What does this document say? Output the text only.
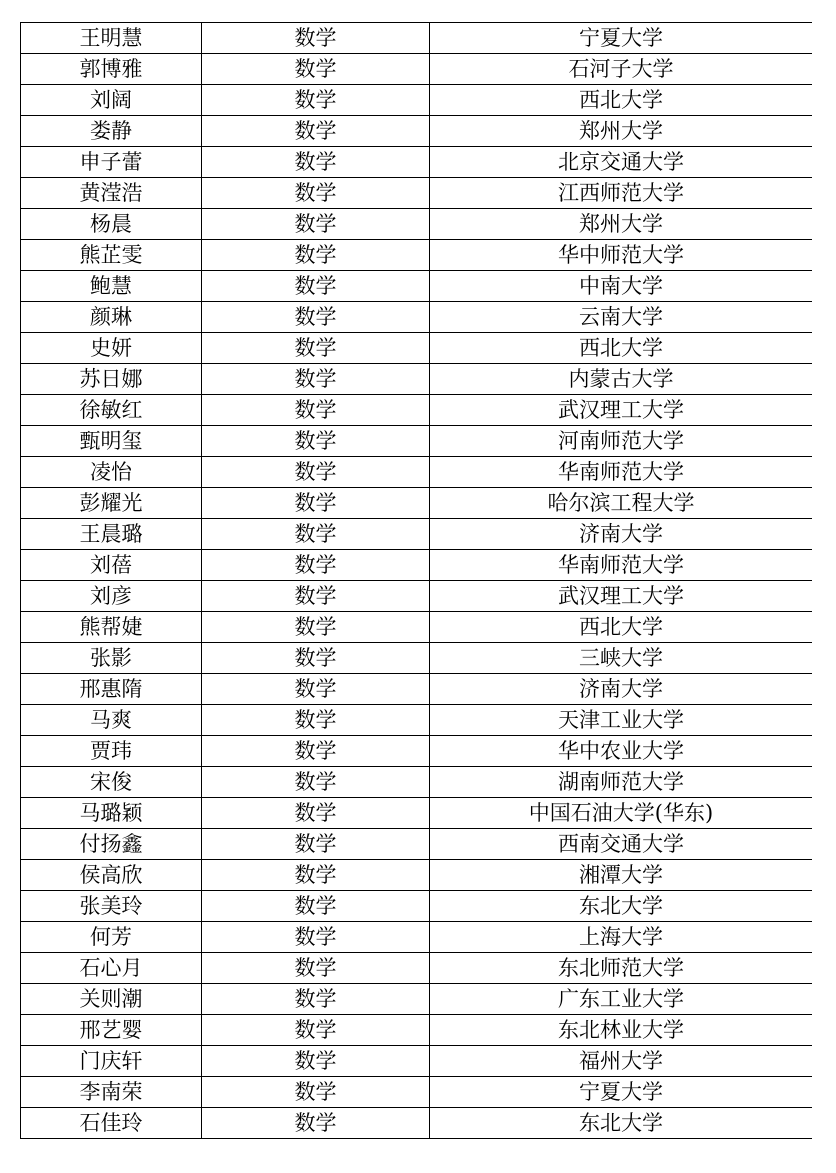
王明慧	数学	宁夏大学
郭博雅	数学	石河子大学
刘阔	数学	西北大学
娄静	数学	郑州大学
申子蕾	数学	北京交通大学
黄滢浩	数学	江西师范大学
杨晨	数学	郑州大学
熊芷雯	数学	华中师范大学
鲍慧	数学	中南大学
颜琳	数学	云南大学
史妍	数学	西北大学
苏日娜	数学	内蒙古大学
徐敏红	数学	武汉理工大学
甄明玺	数学	河南师范大学
凌怡	数学	华南师范大学
彭耀光	数学	哈尔滨工程大学
王晨璐	数学	济南大学
刘蓓	数学	华南师范大学
刘彦	数学	武汉理工大学
熊帮婕	数学	西北大学
张影	数学	三峡大学
邢惠隋	数学	济南大学
马爽	数学	天津工业大学
贾玮	数学	华中农业大学
宋俊	数学	湖南师范大学
马璐颖	数学	中国石油大学(华东)
付扬鑫	数学	西南交通大学
侯高欣	数学	湘潭大学
张美玲	数学	东北大学
何芳	数学	上海大学
石心月	数学	东北师范大学
关则潮	数学	广东工业大学
邢艺婴	数学	东北林业大学
门庆轩	数学	福州大学
李南荣	数学	宁夏大学
石佳玲	数学	东北大学
